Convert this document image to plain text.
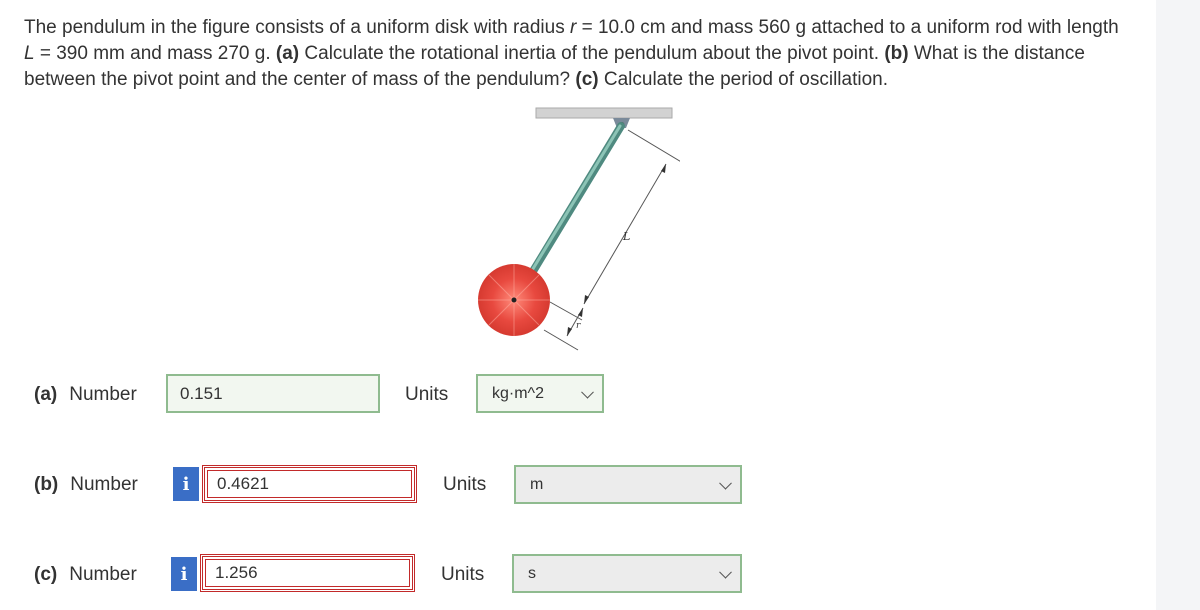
The pendulum in the figure consists of a uniform disk with radius r = 10.0 cm and mass 560 g attached to a uniform rod with length L = 390 mm and mass 270 g. (a) Calculate the rotational inertia of the pendulum about the pivot point. (b) What is the distance between the pivot point and the center of mass of the pendulum? (c) Calculate the period of oscillation.
L
r
(a) Number	0.151	Units	kg·m^2
(b) Number	i	0.4621	Units	m
(c) Number	i	1.256	Units	s
